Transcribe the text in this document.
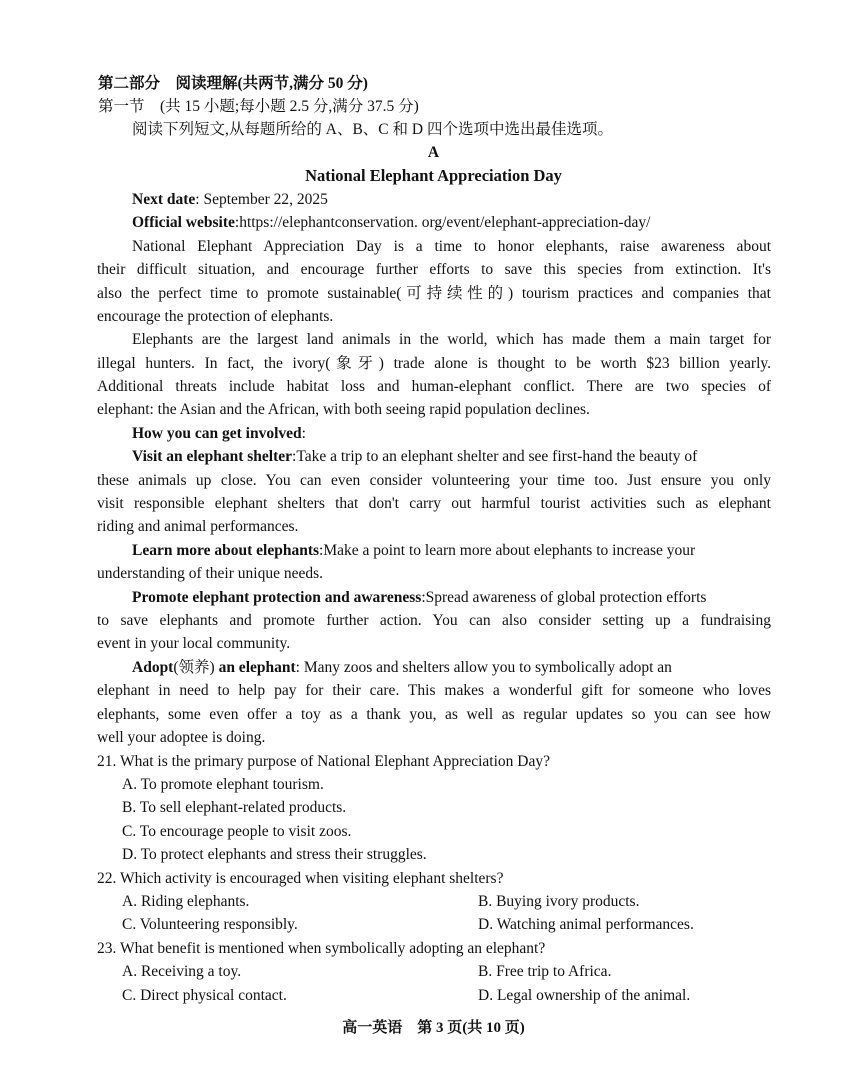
第二部分　阅读理解(共两节,满分 50 分)
第一节　(共 15 小题;每小题 2.5 分,满分 37.5 分)
阅读下列短文,从每题所给的 A、B、C 和 D 四个选项中选出最佳选项。
A
National Elephant Appreciation Day
Next date: September 22, 2025
Official website:https://elephantconservation. org/event/elephant-appreciation-day/
National Elephant Appreciation Day is a time to honor elephants, raise awareness about
their difficult situation, and encourage further efforts to save this species from extinction. It's
also the perfect time to promote sustainable(可持续性的) tourism practices and companies that
encourage the protection of elephants.
Elephants are the largest land animals in the world, which has made them a main target for
illegal hunters. In fact, the ivory(象牙) trade alone is thought to be worth $23 billion yearly.
Additional threats include habitat loss and human-elephant conflict. There are two species of
elephant: the Asian and the African, with both seeing rapid population declines.
How you can get involved:
Visit an elephant shelter:Take a trip to an elephant shelter and see first-hand the beauty of
these animals up close. You can even consider volunteering your time too. Just ensure you only
visit responsible elephant shelters that don't carry out harmful tourist activities such as elephant
riding and animal performances.
Learn more about elephants:Make a point to learn more about elephants to increase your
understanding of their unique needs.
Promote elephant protection and awareness:Spread awareness of global protection efforts
to save elephants and promote further action. You can also consider setting up a fundraising
event in your local community.
Adopt(领养) an elephant: Many zoos and shelters allow you to symbolically adopt an
elephant in need to help pay for their care. This makes a wonderful gift for someone who loves
elephants, some even offer a toy as a thank you, as well as regular updates so you can see how
well your adoptee is doing.
21. What is the primary purpose of National Elephant Appreciation Day?
A. To promote elephant tourism.
B. To sell elephant-related products.
C. To encourage people to visit zoos.
D. To protect elephants and stress their struggles.
22. Which activity is encouraged when visiting elephant shelters?
A. Riding elephants.	B. Buying ivory products.
C. Volunteering responsibly.	D. Watching animal performances.
23. What benefit is mentioned when symbolically adopting an elephant?
A. Receiving a toy.	B. Free trip to Africa.
C. Direct physical contact.	D. Legal ownership of the animal.
高一英语　第 3 页(共 10 页)
